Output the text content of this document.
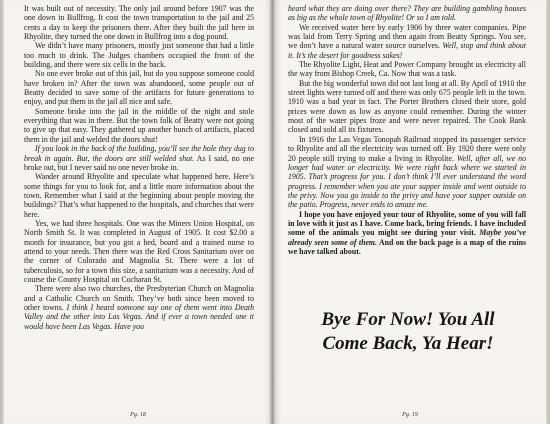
It was built out of necessity. The only jail around before 1907 was the one down in Bullfrog. It cost the town transportation to the jail and 25 cents a day to keep the prisoners there. After they built the jail here in Rhyolite, they turned the one down in Bullfrog into a dog pound.

We didn’t have many prisoners, mostly just someone that had a little too much to drink. The Judges chambers occupied the front of the building, and there were six cells in the back.

No one ever broke out of this jail, but do you suppose someone could have broken in? After the town was abandoned, some people out of Beatty decided to save some of the artifacts for future generations to enjoy, and put them in the jail all nice and safe.

Someone broke into the jail in the middle of the night and stole everything that was in there. But the town folk of Beatty were not going to give up that easy. They gathered up another bunch of artifacts, placed them in the jail and welded the doors shut!

If you look in the back of the building, you’ll see the hole they dug to break in again. But, the doors are still welded shut. As I said, no one broke out, but I never said no one never broke in.

Wander around Rhyolite and speculate what happened here. Here’s some things for you to look for, and a little more information about the town. Remember what I said at the beginning about people moving the buildings? That’s what happened to the hospitals, and churches that were here.

Yes, we had three hospitals. One was the Miners Union Hospital, on North Smith St. It was completed in August of 1905. It cost $2.00 a month for insurance, but you got a bed, board and a trained nurse to attend to your needs. Then there was the Red Cross Sanitarium over on the corner of Colorado and Magnolia St. There were a lot of tuberculosis, so for a town this size, a sanitarium was a necessity. And of course the County Hospital on Cocharan St.

There were also two churches, the Presbyterian Church on Magnolia and a Catholic Church on Smith. They’ve both since been moved to other towns. I think I heard someone say one of them went into Death Valley and the other into Las Vegas. And if ever a town needed one it would have been Las Vegas. Have you

Pg. 18

heard what they are doing over there? They are building gambling houses as big as the whole town of Rhyolite! Or so I am told.

We received water here by early 1906 by three water companies. Pipe was laid from Terry Spring and then again from Beatty Springs. You see, we don’t have a natural water source ourselves. Well, stop and think about it. It’s the desert for goodness sakes!

The Rhyolite Light, Heat and Power Company brought us electricity all the way from Bishop Creek, Ca. Now that was a task.

But the big wonderful town did not last long at all. By April of 1910 the street lights were turned off and there was only 675 people left in the town. 1910 was a bad year in fact. The Porter Brothers closed their store, gold prices were down as low as anyone could remember. During the winter most of the water pipes froze and were never repaired. The Cook Bank closed and sold all its fixtures.

In 1916 the Las Vegas Tonopah Railroad stopped its passenger service to Rhyolite and all the electricity was turned off. By 1920 there were only 20 people still trying to make a living in Rhyolite. Well, after all, we no longer had water or electricity. We were right back where we started in 1905. That’s progress for you. I don’t think I’ll ever understand the word progress. I remember when you ate your supper inside and went outside to the privy. Now you go inside to the privy and have your supper outside on the patio. Progress, never ends to amaze me.

I hope you have enjoyed your tour of Rhyolite, some of you will fall in love with it just as I have. Come back, bring friends. I have included some of the animals you might see during your visit. Maybe you’ve already seen some of them. And on the back page is a map of the ruins we have talked about.

Bye For Now! You All Come Back, Ya Hear!
Pg. 19
